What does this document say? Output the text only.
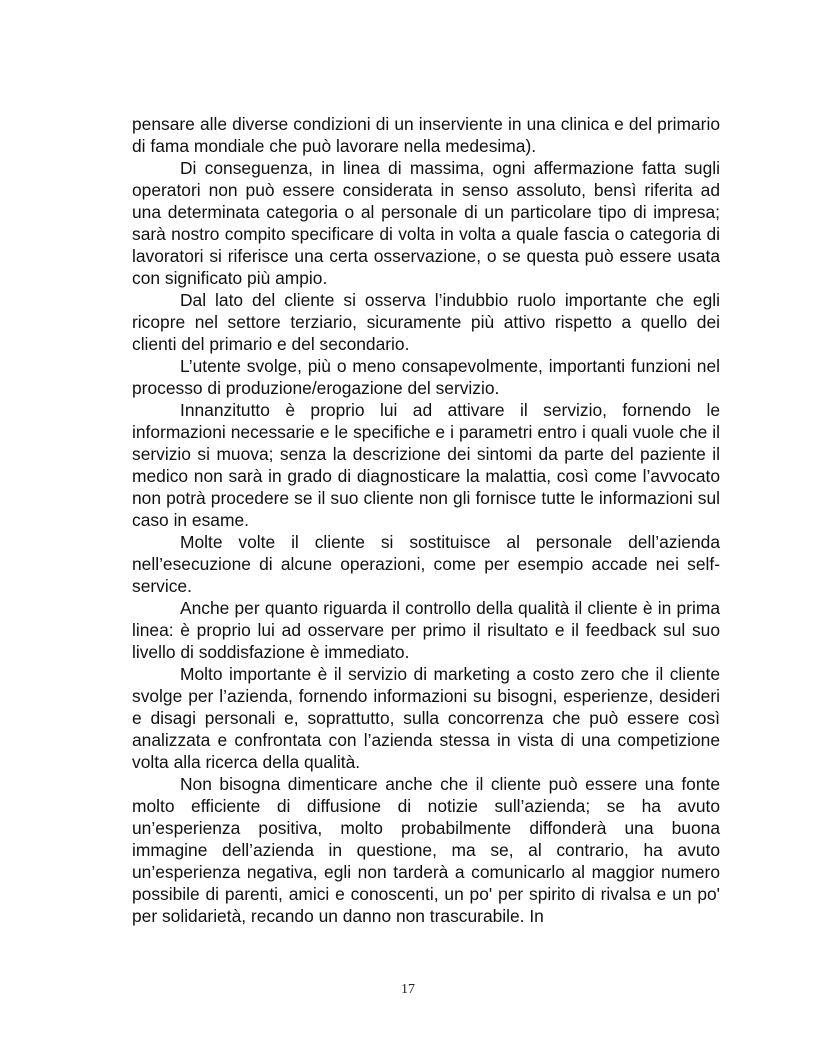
pensare alle diverse condizioni di un inserviente in una clinica e del primario di fama mondiale che può lavorare nella medesima).

Di conseguenza, in linea di massima, ogni affermazione fatta sugli operatori non può essere considerata in senso assoluto, bensì riferita ad una determinata categoria o al personale di un particolare tipo di impresa; sarà nostro compito specificare di volta in volta a quale fascia o categoria di lavoratori si riferisce una certa osservazione, o se questa può essere usata con significato più ampio.

Dal lato del cliente si osserva l’indubbio ruolo importante che egli ricopre nel settore terziario, sicuramente più attivo rispetto a quello dei clienti del primario e del secondario.

L’utente svolge, più o meno consapevolmente, importanti funzioni nel processo di produzione/erogazione del servizio.

Innanzitutto è proprio lui ad attivare il servizio, fornendo le informazioni necessarie e le specifiche e i parametri entro i quali vuole che il servizio si muova; senza la descrizione dei sintomi da parte del paziente il medico non sarà in grado di diagnosticare la malattia, così come l’avvocato non potrà procedere se il suo cliente non gli fornisce tutte le informazioni sul caso in esame.

Molte volte il cliente si sostituisce al personale dell’azienda nell’esecuzione di alcune operazioni, come per esempio accade nei self-service.

Anche per quanto riguarda il controllo della qualità il cliente è in prima linea: è proprio lui ad osservare per primo il risultato e il feedback sul suo livello di soddisfazione è immediato.

Molto importante è il servizio di marketing a costo zero che il cliente svolge per l’azienda, fornendo informazioni su bisogni, esperienze, desideri e disagi personali e, soprattutto, sulla concorrenza che può essere così analizzata e confrontata con l’azienda stessa in vista di una competizione volta alla ricerca della qualità.

Non bisogna dimenticare anche che il cliente può essere una fonte molto efficiente di diffusione di notizie sull’azienda; se ha avuto un’esperienza positiva, molto probabilmente diffonderà una buona immagine dell’azienda in questione, ma se, al contrario, ha avuto un’esperienza negativa, egli non tarderà a comunicarlo al maggior numero possibile di parenti, amici e conoscenti, un po' per spirito di rivalsa e un po' per solidarietà, recando un danno non trascurabile. In

17
